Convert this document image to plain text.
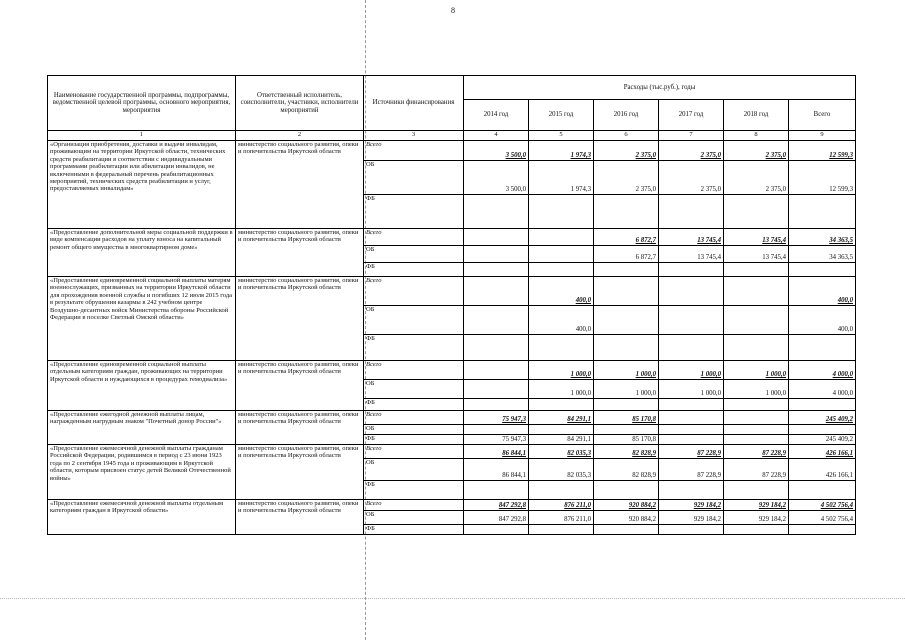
8
Наименование государственной программы, подпрограммы, ведомственной целевой программы, основного мероприятия, мероприятия	Ответственный исполнитель, соисполнители, участники, исполнители мероприятий	Источники финансирования	Расходы (тыс.руб.), годы					
			2014 год	2015 год	2016 год	2017 год	2018 год	Всего
1	2	3	4	5	6	7	8	9
«Организация приобретения, доставки и выдачи инвалидам, проживающим на территории Иркутской области, технических средств реабилитации в соответствии с индивидуальными программами реабилитации или абилитации инвалидов, не включенными в федеральный перечень реабилитационных мероприятий, технических средств реабилитации и услуг, предоставляемых инвалидам»	министерство социального развития, опеки и попечительства Иркутской области	Всего	3 500,0	1 974,3	2 375,0	2 375,0	2 375,0	12 599,3
		ОБ	3 500,0	1 974,3	2 375,0	2 375,0	2 375,0	12 599,3
		ФБ						
«Предоставление дополнительной меры социальной поддержки в виде компенсации расходов на уплату взноса на капитальный ремонт общего имущества в многоквартирном доме»	министерство социального развития, опеки и попечительства Иркутской области	Всего			6 872,7	13 745,4	13 745,4	34 363,5
		ОБ			6 872,7	13 745,4	13 745,4	34 363,5
		ФБ						
«Предоставление единовременной социальной выплаты матерям военнослужащих, призванных на территории Иркутской области для прохождения военной службы и погибших 12 июля 2015 года в результате обрушения казармы в 242 учебном центре Воздушно-десантных войск Министерства обороны Российской Федерации в поселке Светлый Омской области»	министерство социального развития, опеки и попечительства Иркутской области	Всего		400,0				400,0
		ОБ		400,0				400,0
		ФБ						
«Предоставление единовременной социальной выплаты отдельным категориям граждан, проживающих на территории Иркутской области и нуждающихся в процедурах гемодиализа»	министерство социального развития, опеки и попечительства Иркутской области	Всего		1 000,0	1 000,0	1 000,0	1 000,0	4 000,0
		ОБ		1 000,0	1 000,0	1 000,0	1 000,0	4 000,0
		ФБ						
«Предоставление ежегодной денежной выплаты лицам, награжденным нагрудным знаком "Почетный донор России"»	министерство социального развития, опеки и попечительства Иркутской области	Всего	75 947,3	84 291,1	85 170,8			245 409,2
		ОБ						
		ФБ	75 947,3	84 291,1	85 170,8			245 409,2
«Предоставление ежемесячной денежной выплаты гражданам Российской Федерации, родившимся в период с 23 июня 1923 года по 2 сентября 1945 года и проживающим в Иркутской области, которым присвоен статус детей Великой Отечественной войны»	министерство социального развития, опеки и попечительства Иркутской области	Всего	86 844,1	82 035,3	82 828,9	87 228,9	87 228,9	426 166,1
		ОБ	86 844,1	82 035,3	82 828,9	87 228,9	87 228,9	426 166,1
		ФБ						
«Предоставление ежемесячной денежной выплаты отдельным категориям граждан в Иркутской области»	министерство социального развития, опеки и попечительства Иркутской области	Всего	847 292,8	876 211,0	920 884,2	929 184,2	929 184,2	4 502 756,4
		ОБ	847 292,8	876 211,0	920 884,2	929 184,2	929 184,2	4 502 756,4
		ФБ						
